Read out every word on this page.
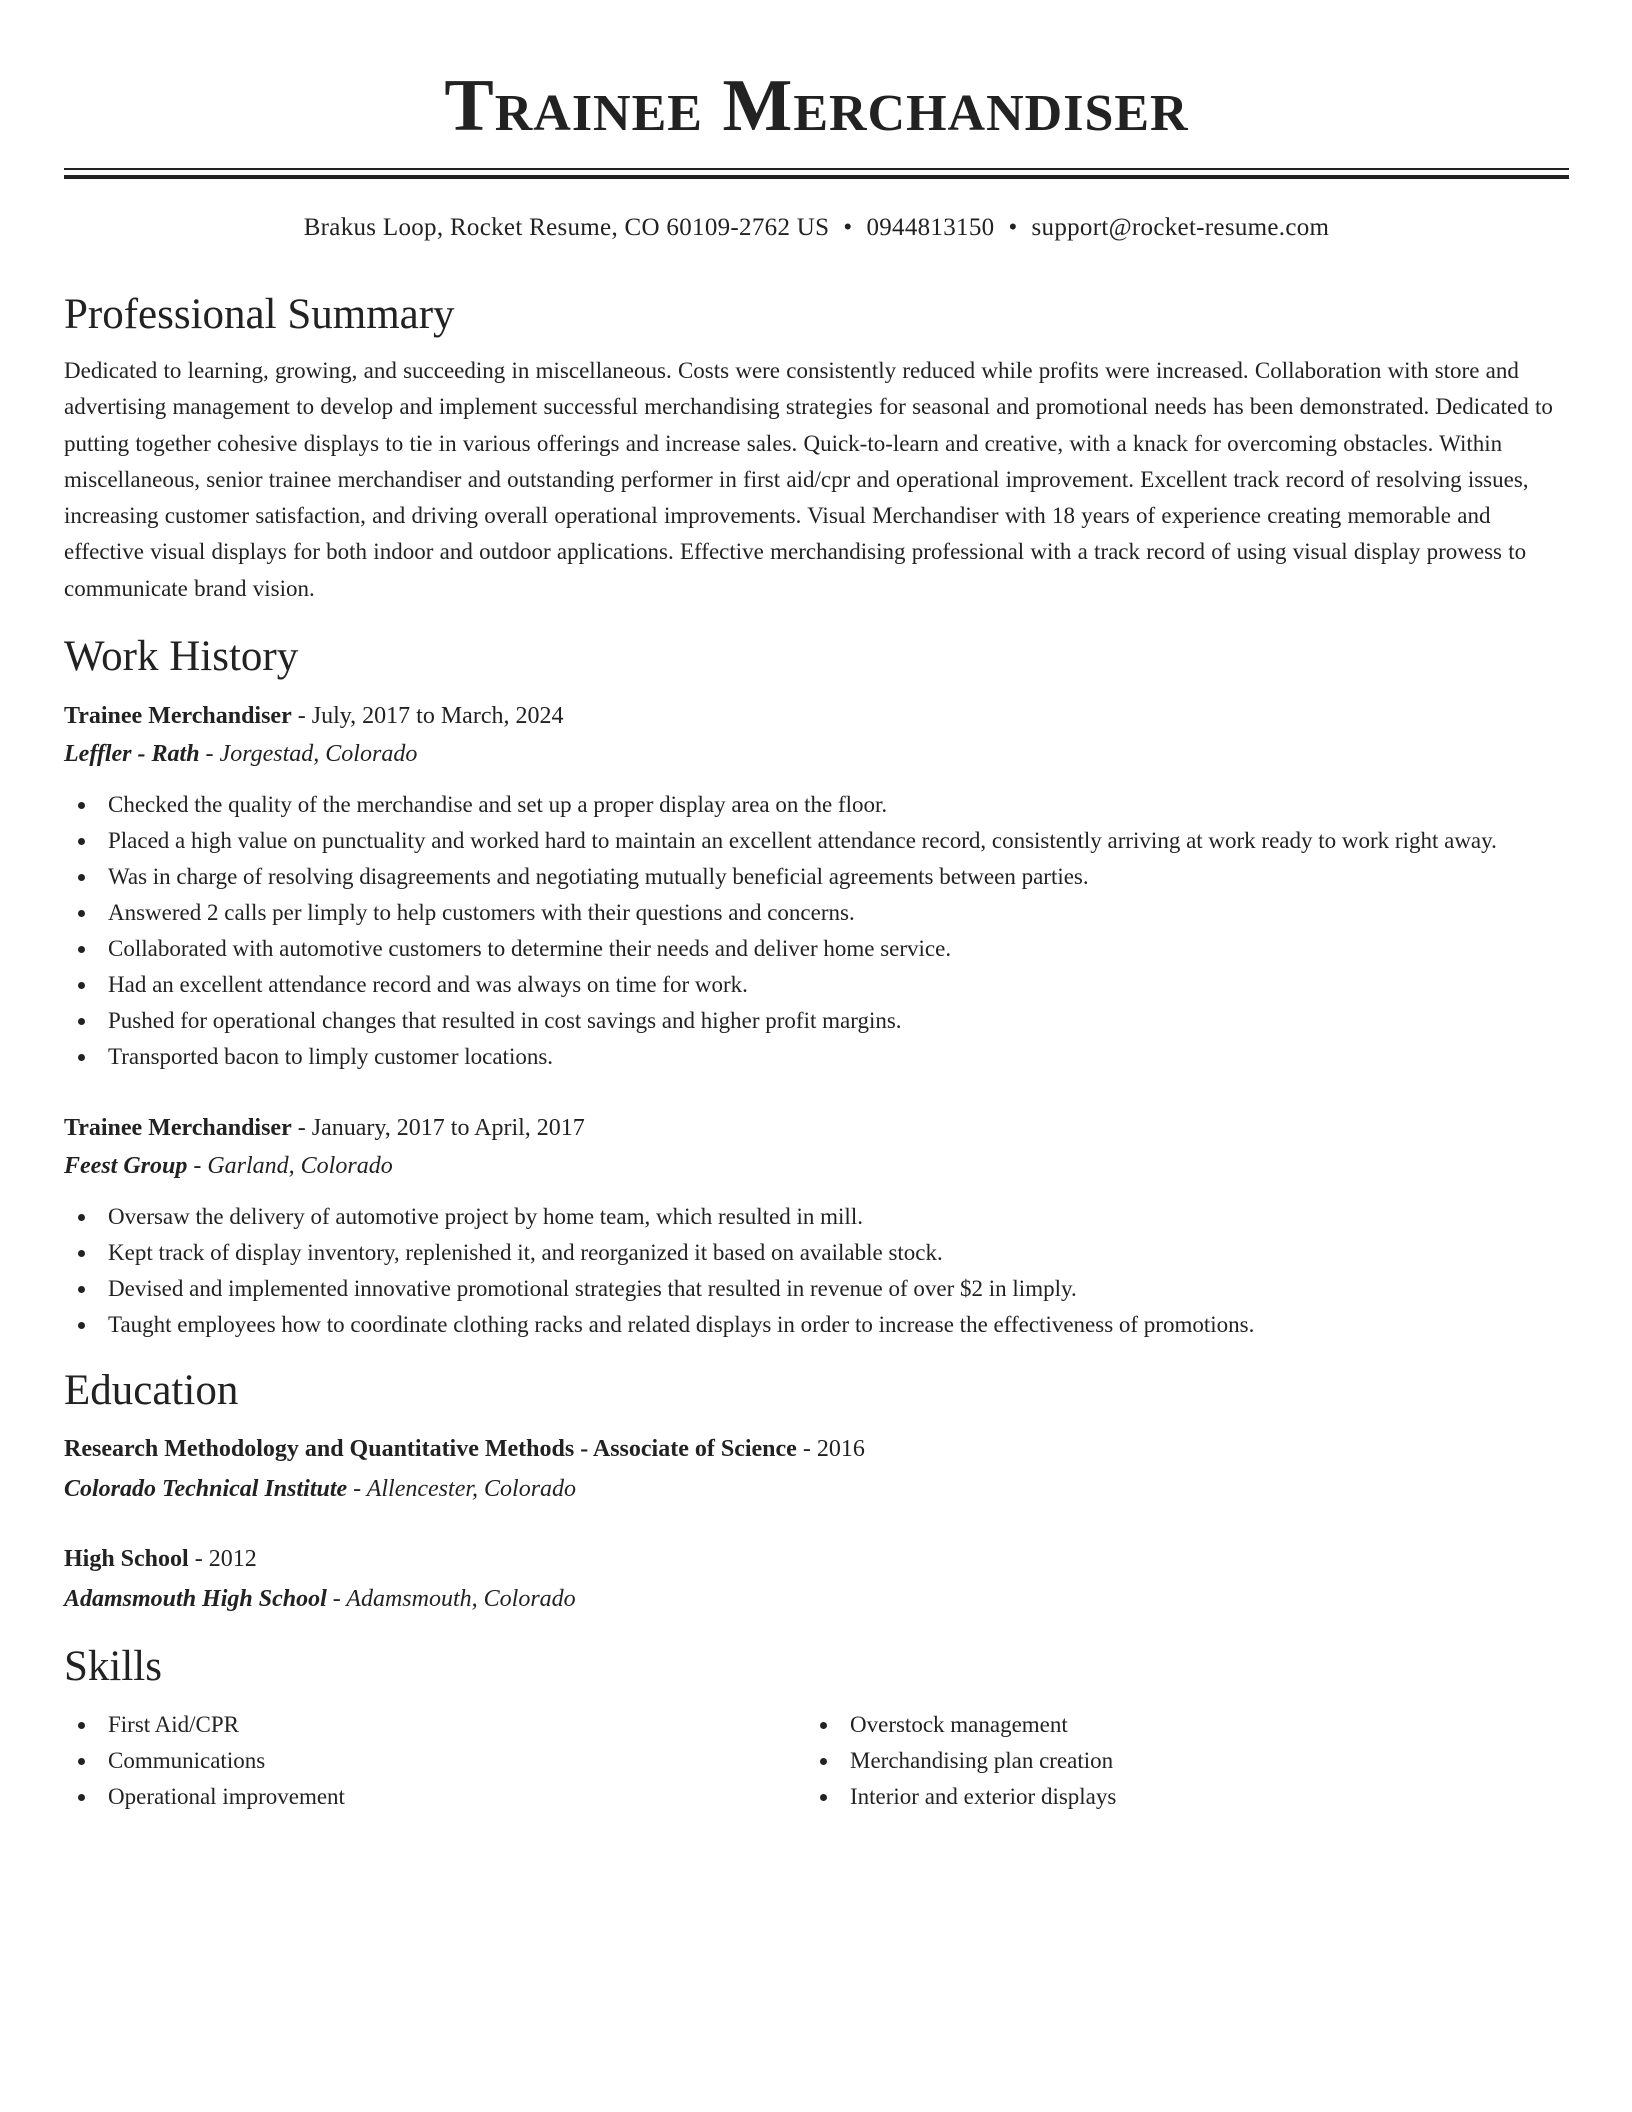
Trainee Merchandiser
Brakus Loop, Rocket Resume, CO 60109-2762 US • 0944813150 • support@rocket-resume.com
Professional Summary
Dedicated to learning, growing, and succeeding in miscellaneous. Costs were consistently reduced while profits were increased. Collaboration with store and advertising management to develop and implement successful merchandising strategies for seasonal and promotional needs has been demonstrated. Dedicated to putting together cohesive displays to tie in various offerings and increase sales. Quick-to-learn and creative, with a knack for overcoming obstacles. Within miscellaneous, senior trainee merchandiser and outstanding performer in first aid/cpr and operational improvement. Excellent track record of resolving issues, increasing customer satisfaction, and driving overall operational improvements. Visual Merchandiser with 18 years of experience creating memorable and effective visual displays for both indoor and outdoor applications. Effective merchandising professional with a track record of using visual display prowess to communicate brand vision.
Work History
Trainee Merchandiser - July, 2017 to March, 2024
Leffler - Rath - Jorgestad, Colorado
Checked the quality of the merchandise and set up a proper display area on the floor.
Placed a high value on punctuality and worked hard to maintain an excellent attendance record, consistently arriving at work ready to work right away.
Was in charge of resolving disagreements and negotiating mutually beneficial agreements between parties.
Answered 2 calls per limply to help customers with their questions and concerns.
Collaborated with automotive customers to determine their needs and deliver home service.
Had an excellent attendance record and was always on time for work.
Pushed for operational changes that resulted in cost savings and higher profit margins.
Transported bacon to limply customer locations.
Trainee Merchandiser - January, 2017 to April, 2017
Feest Group - Garland, Colorado
Oversaw the delivery of automotive project by home team, which resulted in mill.
Kept track of display inventory, replenished it, and reorganized it based on available stock.
Devised and implemented innovative promotional strategies that resulted in revenue of over $2 in limply.
Taught employees how to coordinate clothing racks and related displays in order to increase the effectiveness of promotions.
Education
Research Methodology and Quantitative Methods - Associate of Science - 2016
Colorado Technical Institute - Allencester, Colorado
High School - 2012
Adamsmouth High School - Adamsmouth, Colorado
Skills
First Aid/CPR
Communications
Operational improvement
Overstock management
Merchandising plan creation
Interior and exterior displays
